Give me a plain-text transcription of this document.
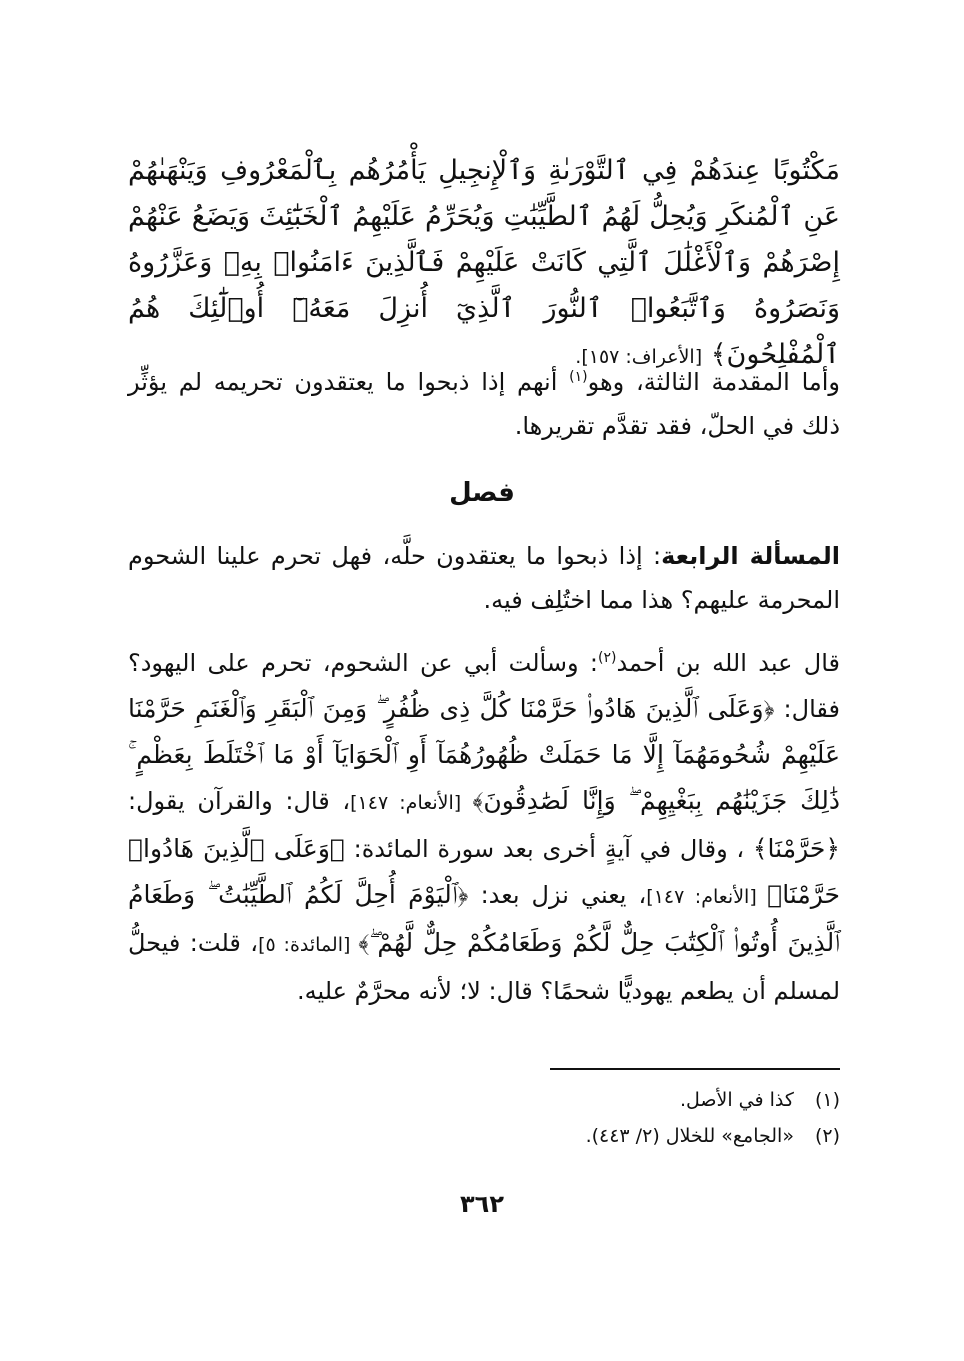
مَكْتُوبًا عِندَهُمْ فِي ٱلتَّوْرَىٰةِ وَٱلْإِنجِيلِ يَأْمُرُهُم بِٱلْمَعْرُوفِ وَيَنْهَىٰهُمْ عَنِ ٱلْمُنكَرِ وَيُحِلُّ لَهُمُ ٱلطَّيِّبَٰتِ وَيُحَرِّمُ عَلَيْهِمُ ٱلْخَبَٰٓئِثَ وَيَضَعُ عَنْهُمْ إِصْرَهُمْ وَٱلْأَغْلَٰلَ ٱلَّتِي كَانَتْ عَلَيْهِمْ فَٱلَّذِينَ ءَامَنُوا۟ بِهِۦ وَعَزَّرُوهُ وَنَصَرُوهُ وَٱتَّبَعُوا۟ ٱلنُّورَ ٱلَّذِيٓ أُنزِلَ مَعَهُۥٓ أُو۟لَٰٓئِكَ هُمُ ٱلْمُفْلِحُونَ﴾ [الأعراف: ١٥٧].
وأما المقدمة الثالثة، وهو$^{(١)}$ أنهم إذا ذبحوا ما يعتقدون تحريمه لم يؤثِّر ذلك في الحلّ، فقد تقدَّم تقريرها.
فصل
المسألة الرابعة: إذا ذبحوا ما يعتقدون حلَّه، فهل تحرم علينا الشحوم المحرمة عليهم؟ هذا مما اختُلِف فيه.
قال عبد الله بن أحمد$^{(٢)}$: وسألت أبي عن الشحوم، تحرم على اليهود؟ فقال: ﴿وَعَلَى ٱلَّذِينَ هَادُوا۟ حَرَّمْنَا كُلَّ ذِى ظُفُرٍ ۖ وَمِنَ ٱلْبَقَرِ وَٱلْغَنَمِ حَرَّمْنَا عَلَيْهِمْ شُحُومَهُمَآ إِلَّا مَا حَمَلَتْ ظُهُورُهُمَآ أَوِ ٱلْحَوَايَآ أَوْ مَا ٱخْتَلَطَ بِعَظْمٍ ۚ ذَٰلِكَ جَزَيْنَٰهُم بِبَغْيِهِمْ ۖ وَإِنَّا لَصَٰدِقُونَ﴾ [الأنعام: ١٤٧]، قال: والقرآن يقول: ﴿حَرَّمْنَا﴾ ، وقال في آيةٍ أخرى بعد سورة المائدة: ﴿وَعَلَى ٱلَّذِينَ هَادُوا۟ حَرَّمْنَا﴾ [الأنعام: ١٤٧]، يعني نزل بعد: ﴿ٱلْيَوْمَ أُحِلَّ لَكُمُ ٱلطَّيِّبَٰتُ ۖ وَطَعَامُ ٱلَّذِينَ أُوتُوا۟ ٱلْكِتَٰبَ حِلٌّ لَّكُمْ وَطَعَامُكُمْ حِلٌّ لَّهُمْ ۖ﴾ [المائدة: ٥]، قلت: فيحلُّ لمسلم أن يطعم يهوديًّا شحمًا؟ قال: لا؛ لأنه محرَّمٌ عليه.
(١) كذا في الأصل.
(٢) «الجامع» للخلال (٢/ ٤٤٣).
٣٦٢
